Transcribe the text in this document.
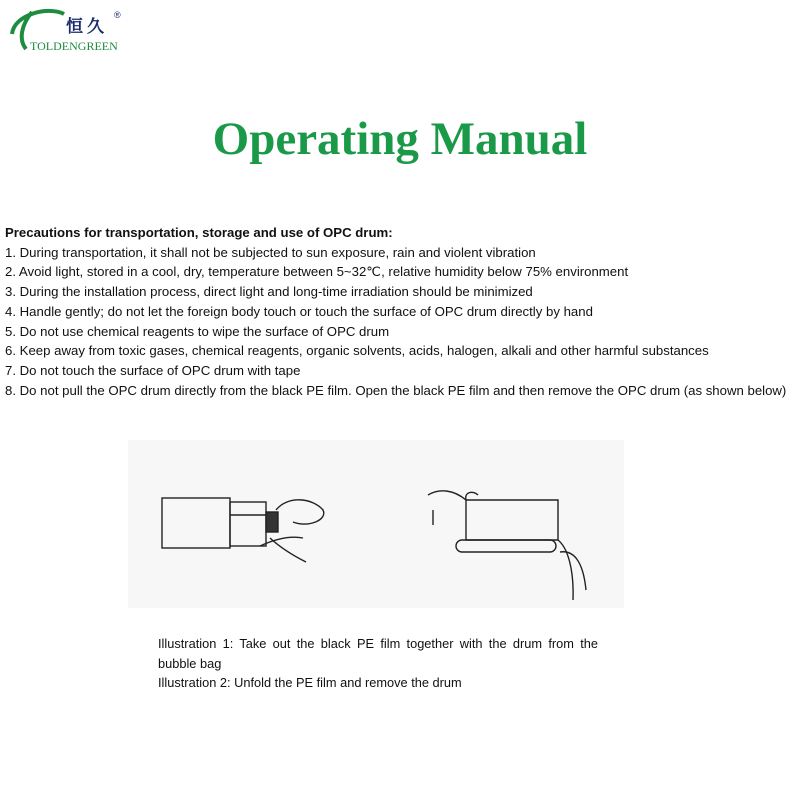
恒久
®
TOLDENGREEN
Operating Manual
Precautions for transportation, storage and use of OPC drum:
1. During transportation, it shall not be subjected to sun exposure, rain and violent vibration
2. Avoid light, stored in a cool, dry, temperature between 5~32℃, relative humidity below 75% environment
3. During the installation process, direct light and long-time irradiation should be minimized
4. Handle gently; do not let the foreign body touch or touch the surface of OPC drum directly by hand
5. Do not use chemical reagents to wipe the surface of OPC drum
6. Keep away from toxic gases, chemical reagents, organic solvents, acids, halogen, alkali and other harmful substances
7. Do not touch the surface of OPC drum with tape
8. Do not pull the OPC drum directly from the black PE film. Open the black PE film and then remove the OPC drum (as shown below)
Illustration 1: Take out the black PE film together with the drum from the bubble bag
Illustration 2: Unfold the PE film and remove the drum
